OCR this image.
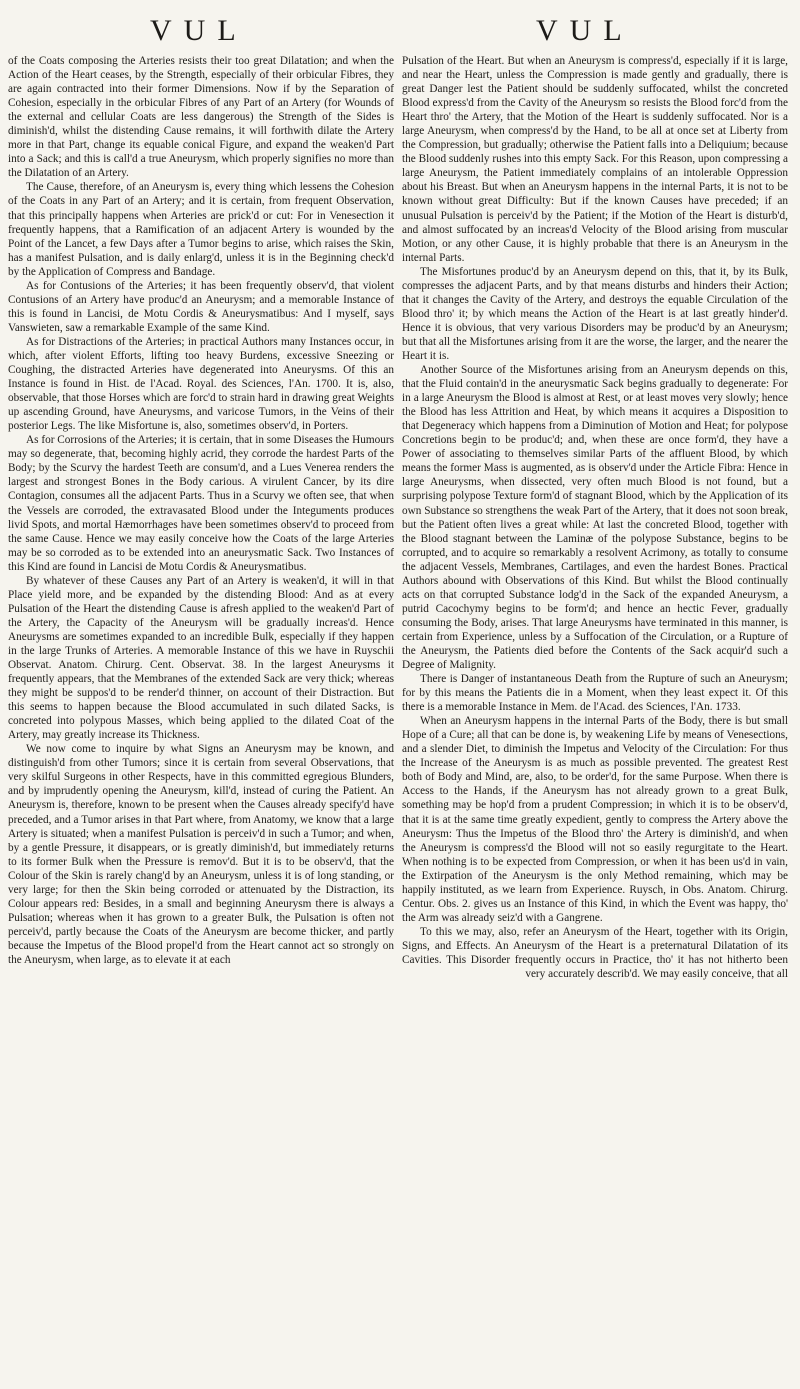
VUL	VUL

of the Coats composing the Arteries resists their too great Dilatation; and when the Action of the Heart ceases, by the Strength, especially of their orbicular Fibres, they are again contracted into their former Dimensions. Now if by the Separation of Cohesion, especially in the orbicular Fibres of any Part of an Artery (for Wounds of the external and cellular Coats are less dangerous) the Strength of the Sides is diminish'd, whilst the distending Cause remains, it will forthwith dilate the Artery more in that Part, change its equable conical Figure, and expand the weaken'd Part into a Sack; and this is call'd a true Aneurysm, which properly signifies no more than the Dilatation of an Artery.

The Cause, therefore, of an Aneurysm is, every thing which lessens the Cohesion of the Coats in any Part of an Artery; and it is certain, from frequent Observation, that this principally happens when Arteries are prick'd or cut: For in Venesection it frequently happens, that a Ramification of an adjacent Artery is wounded by the Point of the Lancet, a few Days after a Tumor begins to arise, which raises the Skin, has a manifest Pulsation, and is daily enlarg'd, unless it is in the Beginning check'd by the Application of Compress and Bandage.

As for Contusions of the Arteries; it has been frequently observ'd, that violent Contusions of an Artery have produc'd an Aneurysm; and a memorable Instance of this is found in Lancisi, de Motu Cordis & Aneurysmatibus: And I myself, says Vanswieten, saw a remarkable Example of the same Kind.

As for Distractions of the Arteries; in practical Authors many Instances occur, in which, after violent Efforts, lifting too heavy Burdens, excessive Sneezing or Coughing, the distracted Arteries have degenerated into Aneurysms. Of this an Instance is found in Hist. de l'Acad. Royal. des Sciences, l'An. 1700. It is, also, observable, that those Horses which are forc'd to strain hard in drawing great Weights up ascending Ground, have Aneurysms, and varicose Tumors, in the Veins of their posterior Legs. The like Misfortune is, also, sometimes observ'd, in Porters.

As for Corrosions of the Arteries; it is certain, that in some Diseases the Humours may so degenerate, that, becoming highly acrid, they corrode the hardest Parts of the Body; by the Scurvy the hardest Teeth are consum'd, and a Lues Venerea renders the largest and strongest Bones in the Body carious. A virulent Cancer, by its dire Contagion, consumes all the adjacent Parts. Thus in a Scurvy we often see, that when the Vessels are corroded, the extravasated Blood under the Integuments produces livid Spots, and mortal Hæmorrhages have been sometimes observ'd to proceed from the same Cause. Hence we may easily conceive how the Coats of the large Arteries may be so corroded as to be extended into an aneurysmatic Sack. Two Instances of this Kind are found in Lancisi de Motu Cordis & Aneurysmatibus.

By whatever of these Causes any Part of an Artery is weaken'd, it will in that Place yield more, and be expanded by the distending Blood: And as at every Pulsation of the Heart the distending Cause is afresh applied to the weaken'd Part of the Artery, the Capacity of the Aneurysm will be gradually increas'd. Hence Aneurysms are sometimes expanded to an incredible Bulk, especially if they happen in the large Trunks of Arteries. A memorable Instance of this we have in Ruyschii Observat. Anatom. Chirurg. Cent. Observat. 38. In the largest Aneurysms it frequently appears, that the Membranes of the extended Sack are very thick; whereas they might be suppos'd to be render'd thinner, on account of their Distraction. But this seems to happen because the Blood accumulated in such dilated Sacks, is concreted into polypous Masses, which being applied to the dilated Coat of the Artery, may greatly increase its Thickness.

We now come to inquire by what Signs an Aneurysm may be known, and distinguish'd from other Tumors; since it is certain from several Observations, that very skilful Surgeons in other Respects, have in this committed egregious Blunders, and by imprudently opening the Aneurysm, kill'd, instead of curing the Patient. An Aneurysm is, therefore, known to be present when the Causes already specify'd have preceded, and a Tumor arises in that Part where, from Anatomy, we know that a large Artery is situated; when a manifest Pulsation is perceiv'd in such a Tumor; and when, by a gentle Pressure, it disappears, or is greatly diminish'd, but immediately returns to its former Bulk when the Pressure is remov'd. But it is to be observ'd, that the Colour of the Skin is rarely chang'd by an Aneurysm, unless it is of long standing, or very large; for then the Skin being corroded or attenuated by the Distraction, its Colour appears red: Besides, in a small and beginning Aneurysm there is always a Pulsation; whereas when it has grown to a greater Bulk, the Pulsation is often not perceiv'd, partly because the Coats of the Aneurysm are become thicker, and partly because the Impetus of the Blood propel'd from the Heart cannot act so strongly on the Aneurysm, when large, as to elevate it at each

Pulsation of the Heart. But when an Aneurysm is compress'd, especially if it is large, and near the Heart, unless the Compression is made gently and gradually, there is great Danger lest the Patient should be suddenly suffocated, whilst the concreted Blood express'd from the Cavity of the Aneurysm so resists the Blood forc'd from the Heart thro' the Artery, that the Motion of the Heart is suddenly suffocated. Nor is a large Aneurysm, when compress'd by the Hand, to be all at once set at Liberty from the Compression, but gradually; otherwise the Patient falls into a Deliquium; because the Blood suddenly rushes into this empty Sack. For this Reason, upon compressing a large Aneurysm, the Patient immediately complains of an intolerable Oppression about his Breast. But when an Aneurysm happens in the internal Parts, it is not to be known without great Difficulty: But if the known Causes have preceded; if an unusual Pulsation is perceiv'd by the Patient; if the Motion of the Heart is disturb'd, and almost suffocated by an increas'd Velocity of the Blood arising from muscular Motion, or any other Cause, it is highly probable that there is an Aneurysm in the internal Parts.

The Misfortunes produc'd by an Aneurysm depend on this, that it, by its Bulk, compresses the adjacent Parts, and by that means disturbs and hinders their Action; that it changes the Cavity of the Artery, and destroys the equable Circulation of the Blood thro' it; by which means the Action of the Heart is at last greatly hinder'd. Hence it is obvious, that very various Disorders may be produc'd by an Aneurysm; but that all the Misfortunes arising from it are the worse, the larger, and the nearer the Heart it is.

Another Source of the Misfortunes arising from an Aneurysm depends on this, that the Fluid contain'd in the aneurysmatic Sack begins gradually to degenerate: For in a large Aneurysm the Blood is almost at Rest, or at least moves very slowly; hence the Blood has less Attrition and Heat, by which means it acquires a Disposition to that Degeneracy which happens from a Diminution of Motion and Heat; for polypose Concretions begin to be produc'd; and, when these are once form'd, they have a Power of associating to themselves similar Parts of the affluent Blood, by which means the former Mass is augmented, as is observ'd under the Article Fibra: Hence in large Aneurysms, when dissected, very often much Blood is not found, but a surprising polypose Texture form'd of stagnant Blood, which by the Application of its own Substance so strengthens the weak Part of the Artery, that it does not soon break, but the Patient often lives a great while: At last the concreted Blood, together with the Blood stagnant between the Laminæ of the polypose Substance, begins to be corrupted, and to acquire so remarkably a resolvent Acrimony, as totally to consume the adjacent Vessels, Membranes, Cartilages, and even the hardest Bones. Practical Authors abound with Observations of this Kind. But whilst the Blood continually acts on that corrupted Substance lodg'd in the Sack of the expanded Aneurysm, a putrid Cacochymy begins to be form'd; and hence an hectic Fever, gradually consuming the Body, arises. That large Aneurysms have terminated in this manner, is certain from Experience, unless by a Suffocation of the Circulation, or a Rupture of the Aneurysm, the Patients died before the Contents of the Sack acquir'd such a Degree of Malignity.

There is Danger of instantaneous Death from the Rupture of such an Aneurysm; for by this means the Patients die in a Moment, when they least expect it. Of this there is a memorable Instance in Mem. de l'Acad. des Sciences, l'An. 1733.

When an Aneurysm happens in the internal Parts of the Body, there is but small Hope of a Cure; all that can be done is, by weakening Life by means of Venesections, and a slender Diet, to diminish the Impetus and Velocity of the Circulation: For thus the Increase of the Aneurysm is as much as possible prevented. The greatest Rest both of Body and Mind, are, also, to be order'd, for the same Purpose. When there is Access to the Hands, if the Aneurysm has not already grown to a great Bulk, something may be hop'd from a prudent Compression; in which it is to be observ'd, that it is at the same time greatly expedient, gently to compress the Artery above the Aneurysm: Thus the Impetus of the Blood thro' the Artery is diminish'd, and when the Aneurysm is compress'd the Blood will not so easily regurgitate to the Heart. When nothing is to be expected from Compression, or when it has been us'd in vain, the Extirpation of the Aneurysm is the only Method remaining, which may be happily instituted, as we learn from Experience. Ruysch, in Obs. Anatom. Chirurg. Centur. Obs. 2. gives us an Instance of this Kind, in which the Event was happy, tho' the Arm was already seiz'd with a Gangrene.

To this we may, also, refer an Aneurysm of the Heart, together with its Origin, Signs, and Effects. An Aneurysm of the Heart is a preternatural Dilatation of its Cavities. This Disorder frequently occurs in Practice, tho' it has not hitherto been very accurately describ'd. We may easily conceive, that all
